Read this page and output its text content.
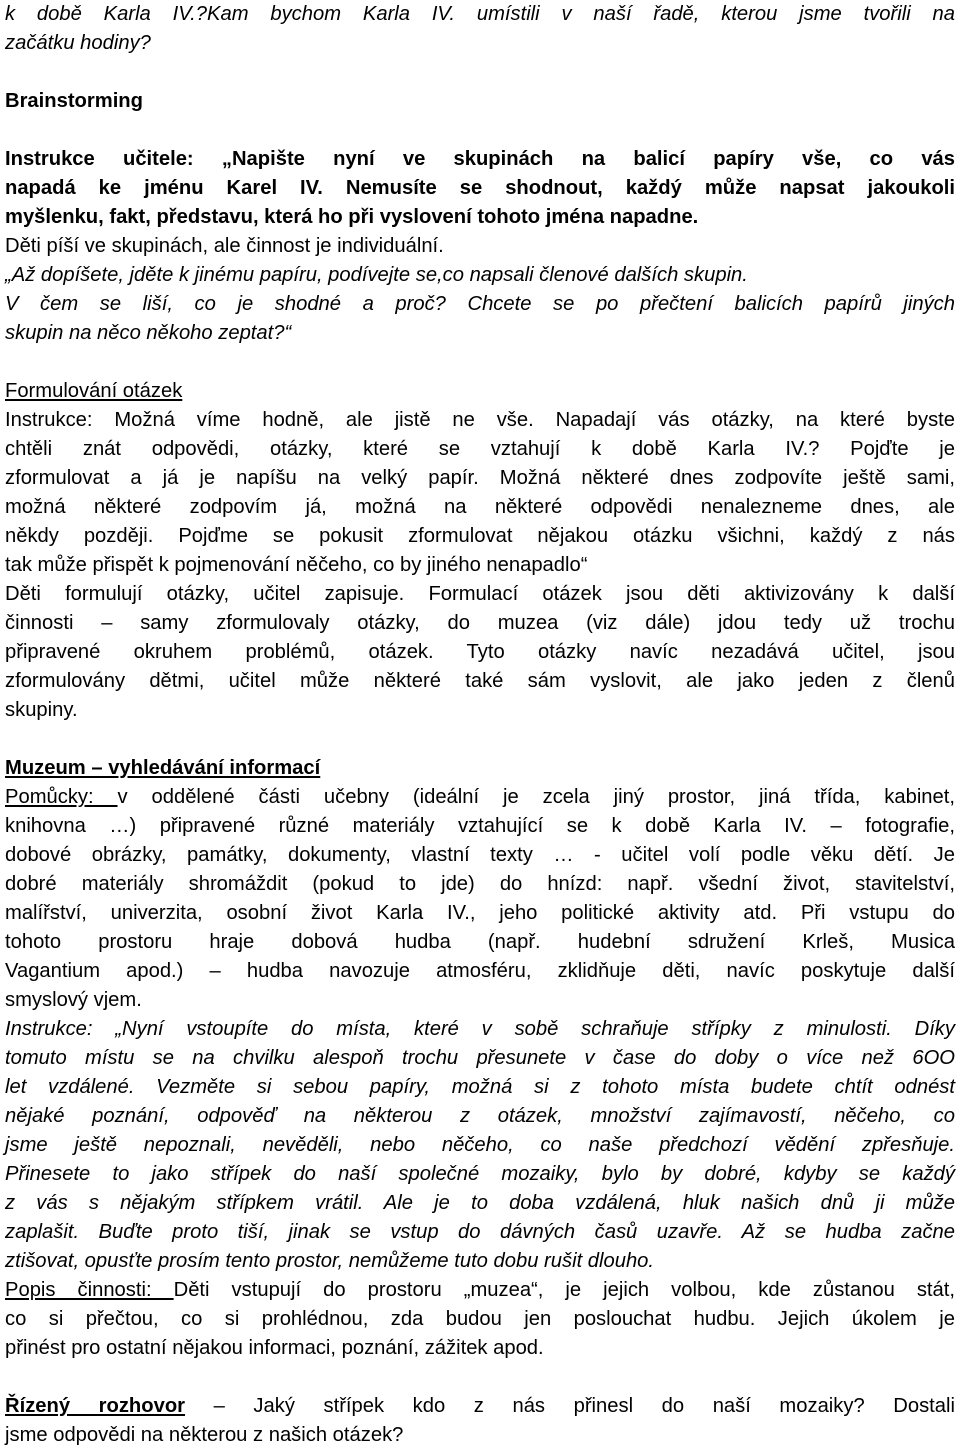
k době Karla IV.?Kam bychom Karla IV. umístili v naší řadě, kterou jsme tvořili na
začátku hodiny?
Brainstorming
Instrukce učitele: „Napište nyní ve skupinách na balicí papíry vše, co vás
napadá ke jménu Karel IV. Nemusíte se shodnout, každý může napsat jakoukoli
myšlenku, fakt, představu, která ho při vyslovení tohoto jména napadne.
Děti píší ve skupinách, ale činnost je individuální.
„Až dopíšete, jděte k jinému papíru, podívejte se,co napsali členové dalších skupin.
V čem se liší, co je shodné a proč? Chcete se po přečtení balicích papírů jiných
skupin na něco někoho zeptat?“
Formulování otázek
Instrukce: Možná víme hodně, ale jistě ne vše. Napadají vás otázky, na které byste
chtěli znát odpovědi, otázky, které se vztahují k době Karla IV.? Pojďte je
zformulovat a já je napíšu na velký papír. Možná některé dnes zodpovíte ještě sami,
možná některé zodpovím já, možná na některé odpovědi nenalezneme dnes, ale
někdy později. Pojďme se pokusit zformulovat nějakou otázku všichni, každý z nás
tak může přispět k pojmenování něčeho, co by jiného nenapadlo“
Děti formulují otázky, učitel zapisuje. Formulací otázek jsou děti aktivizovány k další
činnosti – samy zformulovaly otázky, do muzea (viz dále) jdou tedy už trochu
připravené okruhem problémů, otázek. Tyto otázky navíc nezadává učitel, jsou
zformulovány dětmi, učitel může některé také sám vyslovit, ale jako jeden z členů
skupiny.
Muzeum – vyhledávání informací
Pomůcky: v oddělené části učebny (ideální je zcela jiný prostor, jiná třída, kabinet,
knihovna …) připravené různé materiály vztahující se k době Karla IV. – fotografie,
dobové obrázky, památky, dokumenty, vlastní texty … - učitel volí podle věku dětí. Je
dobré materiály shromáždit (pokud to jde) do hnízd: např. všední život, stavitelství,
malířství, univerzita, osobní život Karla IV., jeho politické aktivity atd. Při vstupu do
tohoto prostoru hraje dobová hudba (např. hudební sdružení Krleš, Musica
Vagantium apod.) – hudba navozuje atmosféru, zklidňuje děti, navíc poskytuje další
smyslový vjem.
Instrukce: „Nyní vstoupíte do místa, které v sobě schraňuje střípky z minulosti. Díky
tomuto místu se na chvilku alespoň trochu přesunete v čase do doby o více než 6OO
let vzdálené. Vezměte si sebou papíry, možná si z tohoto místa budete chtít odnést
nějaké poznání, odpověď na některou z otázek, množství zajímavostí, něčeho, co
jsme ještě nepoznali, nevěděli, nebo něčeho, co naše předchozí vědění zpřesňuje.
Přinesete to jako střípek do naší společné mozaiky, bylo by dobré, kdyby se každý
z vás s nějakým střípkem vrátil. Ale je to doba vzdálená, hluk našich dnů ji může
zaplašit. Buďte proto tiší, jinak se vstup do dávných časů uzavře. Až se hudba začne
ztišovat, opusťte prosím tento prostor, nemůžeme tuto dobu rušit dlouho.
Popis činnosti: Děti vstupují do prostoru „muzea“, je jejich volbou, kde zůstanou stát,
co si přečtou, co si prohlédnou, zda budou jen poslouchat hudbu. Jejich úkolem je
přinést pro ostatní nějakou informaci, poznání, zážitek apod.
Řízený rozhovor – Jaký střípek kdo z nás přinesl do naší mozaiky? Dostali
jsme odpovědi na některou z našich otázek?
